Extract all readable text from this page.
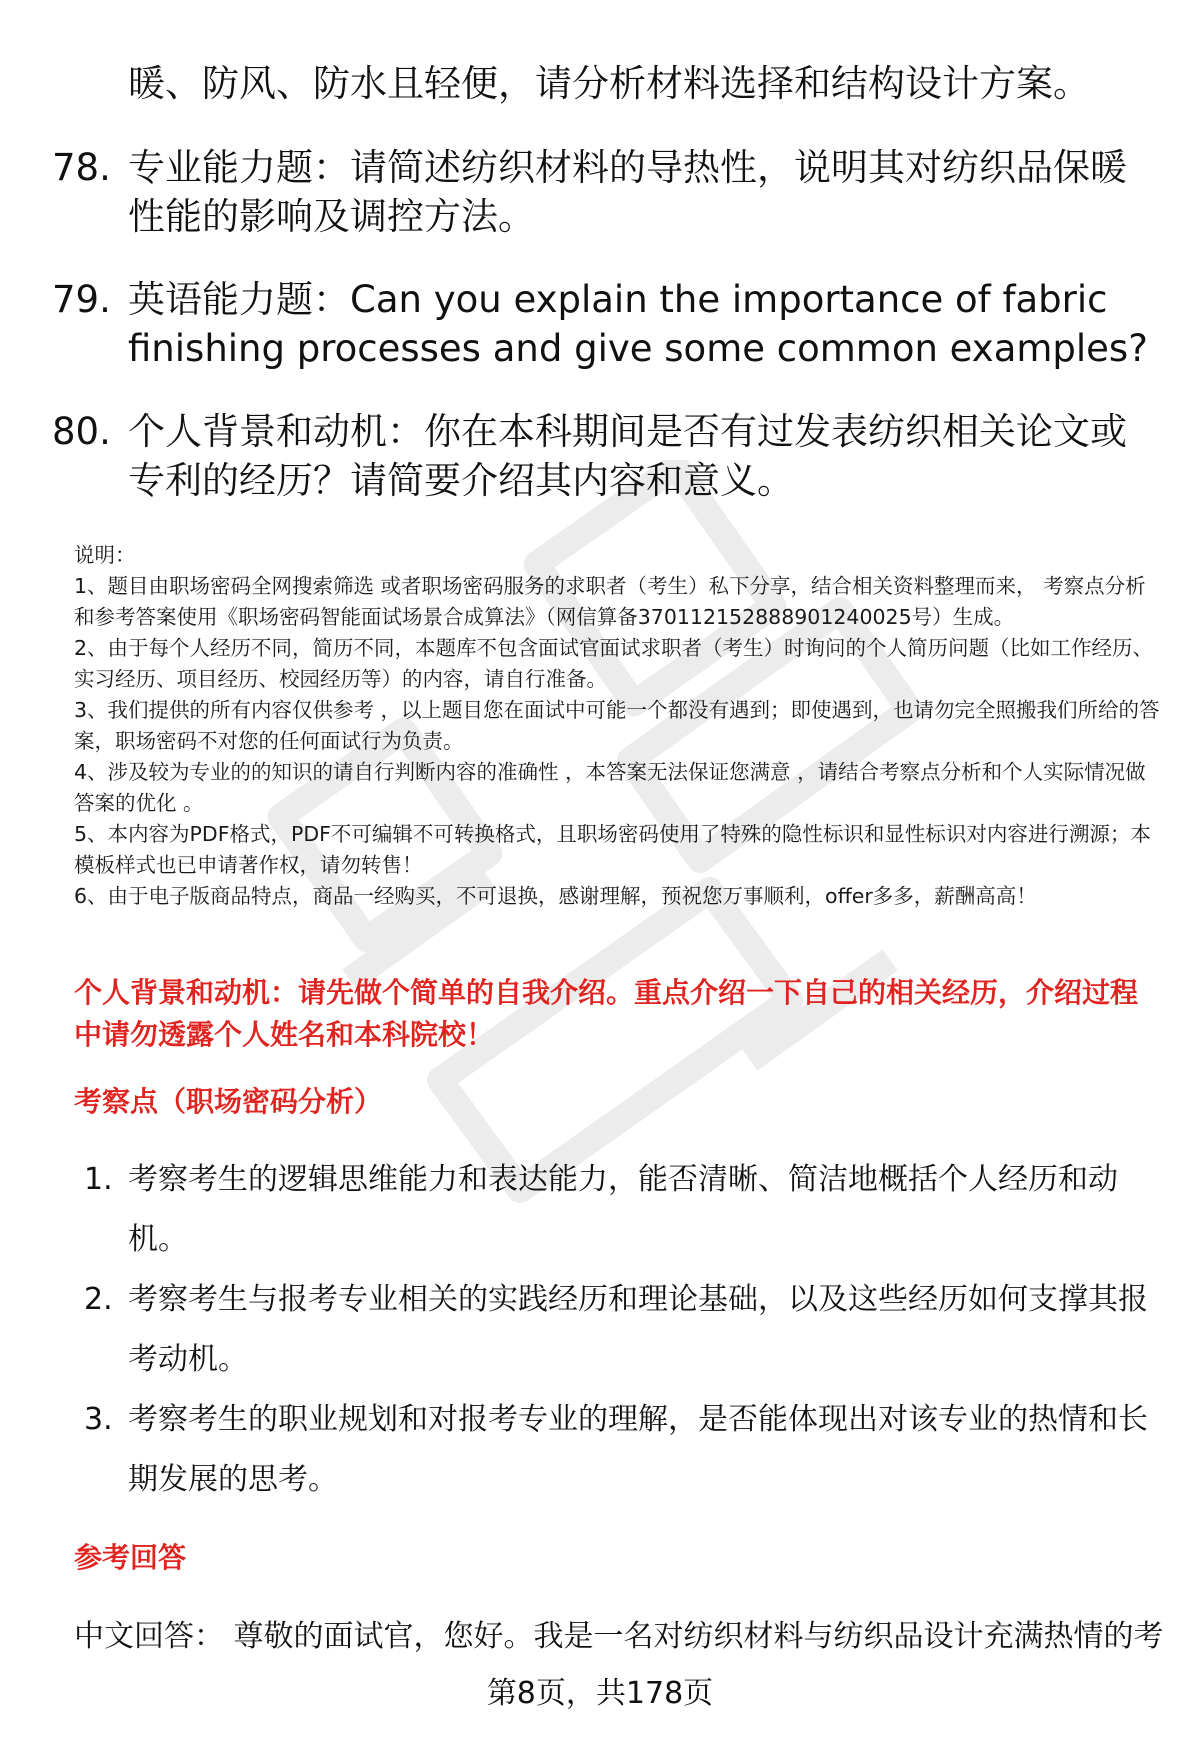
暖、防风、防水且轻便，请分析材料选择和结构设计方案。
78. 专业能力题：请简述纺织材料的导热性，说明其对纺织品保暖性能的影响及调控方法。
79. 英语能力题：Can you explain the importance of fabric finishing processes and give some common examples?
80. 个人背景和动机：你在本科期间是否有过发表纺织相关论文或专利的经历？请简要介绍其内容和意义。

说明：

1、题目由职场密码全网搜索筛选 或者职场密码服务的求职者（考生）私下分享，结合相关资料整理而来， 考察点分析和参考答案使用《职场密码智能面试场景合成算法》（网信算备370112152888901240025号）生成。

2、由于每个人经历不同，简历不同，本题库不包含面试官面试求职者（考生）时询问的个人简历问题（比如工作经历、实习经历、项目经历、校园经历等）的内容，请自行准备。

3、我们提供的所有内容仅供参考 ，以上题目您在面试中可能一个都没有遇到；即使遇到，也请勿完全照搬我们所给的答案，职场密码不对您的任何面试行为负责。

4、涉及较为专业的的知识的请自行判断内容的准确性 ，本答案无法保证您满意 ，请结合考察点分析和个人实际情况做答案的优化 。

5、本内容为PDF格式，PDF不可编辑不可转换格式，且职场密码使用了特殊的隐性标识和显性标识对内容进行溯源；本模板样式也已申请著作权，请勿转售！

6、由于电子版商品特点，商品一经购买，不可退换，感谢理解，预祝您万事顺利，offer多多，薪酬高高！

个人背景和动机：请先做个简单的自我介绍。重点介绍一下自己的相关经历，介绍过程中请勿透露个人姓名和本科院校！
考察点（职场密码分析）
1. 考察考生的逻辑思维能力和表达能力，能否清晰、简洁地概括个人经历和动机。
2. 考察考生与报考专业相关的实践经历和理论基础，以及这些经历如何支撑其报考动机。
3. 考察考生的职业规划和对报考专业的理解，是否能体现出对该专业的热情和长期发展的思考。
参考回答
中文回答： 尊敬的面试官，您好。我是一名对纺织材料与纺织品设计充满热情的考
第8页，共178页
